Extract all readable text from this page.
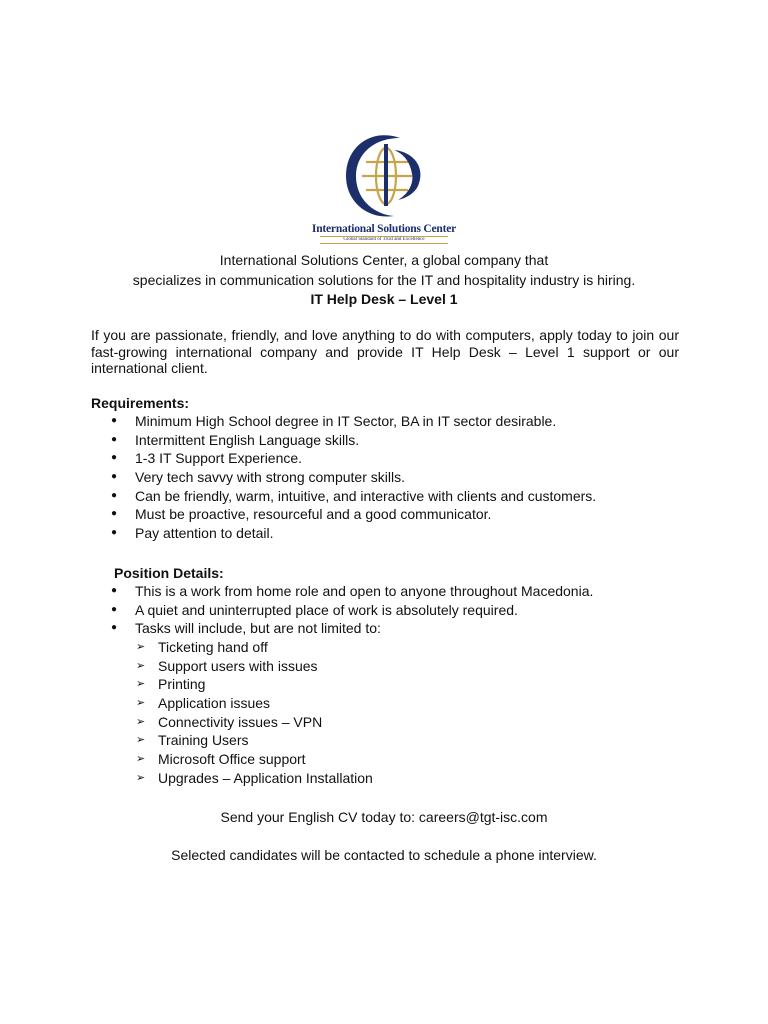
International Solutions Center
Global Standard of Trust and Excellence
International Solutions Center, a global company that
specializes in communication solutions for the IT and hospitality industry is hiring.
IT Help Desk – Level 1
If you are passionate, friendly, and love anything to do with computers, apply today to join our
fast-growing international company and provide IT Help Desk – Level 1 support or our
international client.
Requirements:
● Minimum High School degree in IT Sector, BA in IT sector desirable.
● Intermittent English Language skills.
● 1-3 IT Support Experience.
● Very tech savvy with strong computer skills.
● Can be friendly, warm, intuitive, and interactive with clients and customers.
● Must be proactive, resourceful and a good communicator.
● Pay attention to detail.
Position Details:
● This is a work from home role and open to anyone throughout Macedonia.
● A quiet and uninterrupted place of work is absolutely required.
● Tasks will include, but are not limited to:
➢ Ticketing hand off
➢ Support users with issues
➢ Printing
➢ Application issues
➢ Connectivity issues – VPN
➢ Training Users
➢ Microsoft Office support
➢ Upgrades – Application Installation
Send your English CV today to: careers@tgt-isc.com
Selected candidates will be contacted to schedule a phone interview.
